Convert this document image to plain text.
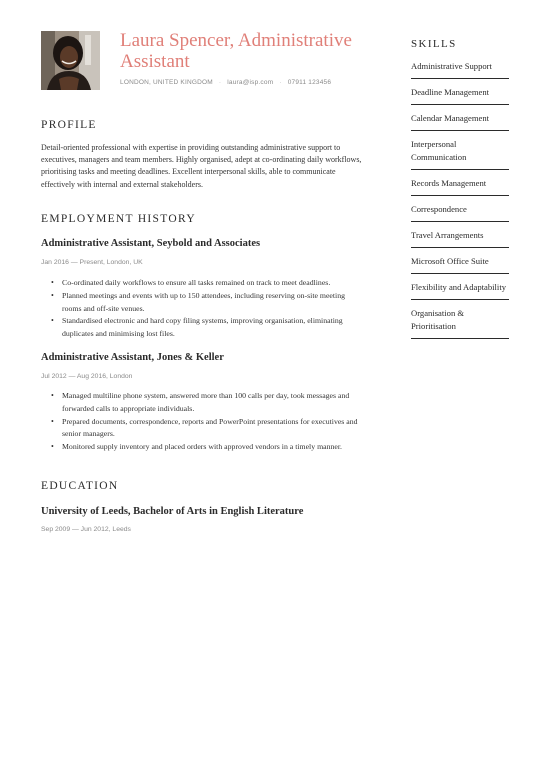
Laura Spencer, Administrative Assistant
LONDON, UNITED KINGDOM · laura@isp.com · 07911 123456
PROFILE

Detail-oriented professional with expertise in providing outstanding administrative support to executives, managers and team members. Highly organised, adept at co-ordinating daily workflows, prioritising tasks and meeting deadlines. Excellent interpersonal skills, able to communicate effectively with internal and external stakeholders.

EMPLOYMENT HISTORY
Administrative Assistant, Seybold and Associates
Jan 2016 — Present, London, UK
• Co-ordinated daily workflows to ensure all tasks remained on track to meet deadlines.
• Planned meetings and events with up to 150 attendees, including reserving on-site meeting rooms and off-site venues.
• Standardised electronic and hard copy filing systems, improving organisation, eliminating duplicates and minimising lost files.
Administrative Assistant, Jones & Keller
Jul 2012 — Aug 2016, London
• Managed multiline phone system, answered more than 100 calls per day, took messages and forwarded calls to appropriate individuals.
• Prepared documents, correspondence, reports and PowerPoint presentations for executives and senior managers.
• Monitored supply inventory and placed orders with approved vendors in a timely manner.
EDUCATION
University of Leeds, Bachelor of Arts in English Literature
Sep 2009 — Jun 2012, Leeds
SKILLS
Administrative Support
Deadline Management
Calendar Management
Interpersonal Communication
Records Management
Correspondence
Travel Arrangements
Microsoft Office Suite
Flexibility and Adaptability
Organisation & Prioritisation
